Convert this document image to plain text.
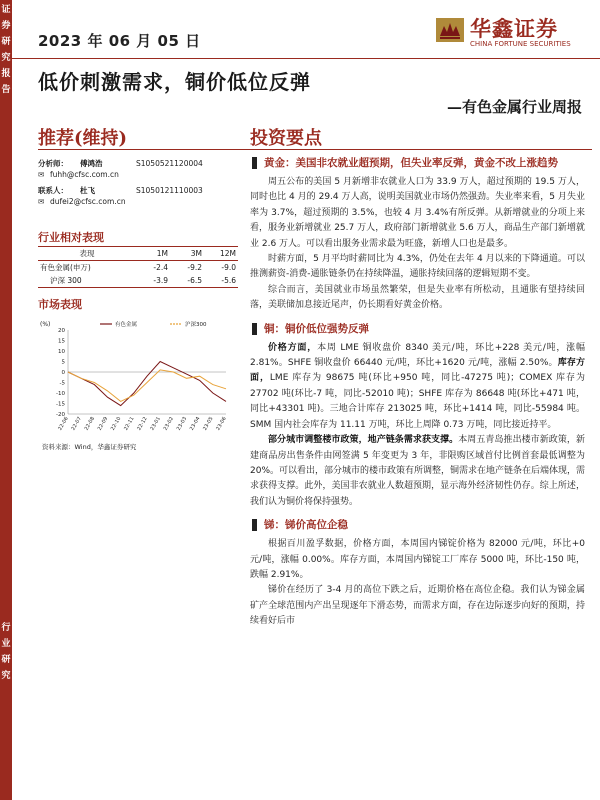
证
券
研
究
报
告
行
业
研
究
2023 年 06 月 05 日	华鑫证券
CHINA FORTUNE SECURITIES
低价刺激需求，铜价低位反弹
—有色金属行业周报
推荐(维持)	投资要点
分析师：	傅鸿浩	S1050521120004
✉ fuhh@cfsc.com.cn
联系人：	杜飞	S1050121110003
✉ dufei2@cfsc.com.cn
行业相对表现
表现	1M	3M	12M
有色金属(申万)	-2.4	-9.2	-9.0
沪深 300	-3.9	-6.5	-5.6
市场表现
(%)
20
15
10
5
0
-5
-10
-15
-20
22-06 22-07 22-08 22-09 22-10 22-11 22-12 23-01 23-02 23-03 23-04 23-05 23-06
有色金属	沪深300
资料来源：Wind，华鑫证券研究
黄金：美国非农就业超预期，但失业率反弹，黄金不改上涨趋势

周五公布的美国 5 月新增非农就业人口为 33.9 万人，超过预期的 19.5 万人，同时也比 4 月的 29.4 万人高，说明美国就业市场仍然强劲。失业率来看，5 月失业率为 3.7%，超过预期的 3.5%，也较 4 月 3.4%有所反弹。从新增就业的分项上来看，服务业新增就业 25.7 万人，政府部门新增就业 5.6 万人，商品生产部门新增就业 2.6 万人。可以看出服务业需求最为旺盛，新增人口也是最多。

时薪方面，5 月平均时薪同比为 4.3%，仍处在去年 4 月以来的下降通道。可以推测薪资-消费-通胀链条仍在持续降温，通胀持续回落的逻辑短期不变。

综合而言，美国就业市场虽然繁荣，但是失业率有所松动，且通胀有望持续回落，美联储加息接近尾声，仍长期看好黄金价格。

铜：铜价低位强势反弹

价格方面，本周 LME 铜收盘价 8340 美元/吨，环比+228 美元/吨，涨幅 2.81%。SHFE 铜收盘价 66440 元/吨，环比+1620 元/吨，涨幅 2.50%。库存方面，LME 库存为 98675 吨(环比+950 吨，同比-47275 吨)；COMEX 库存为 27702 吨(环比-7 吨，同比-52010 吨)；SHFE 库存为 86648 吨(环比+471 吨，同比+43301 吨)。三地合计库存 213025 吨，环比+1414 吨，同比-55984 吨。SMM 国内社会库存为 11.11 万吨，环比上周降 0.73 万吨，同比接近持平。

部分城市调整楼市政策，地产链条需求获支撑。本周五青岛推出楼市新政策，新建商品房出售条件由网签满 5 年变更为 3 年，非限购区域首付比例首套最低调整为 20%。可以看出，部分城市的楼市政策有所调整，铜需求在地产链条在后端体现，需求获得支撑。此外，美国非农就业人数超预期，显示海外经济韧性仍存。综上所述，我们认为铜价将保持强势。

锑：锑价高位企稳

根据百川盈孚数据，价格方面，本周国内锑锭价格为 82000 元/吨，环比+0 元/吨，涨幅 0.00%。库存方面，本周国内锑锭工厂库存 5000 吨，环比-150 吨，跌幅 2.91%。

锑价在经历了 3-4 月的高位下跌之后，近期价格在高位企稳。我们认为锑金属矿产全球范围内产出呈现逐年下滑态势，而需求方面，存在边际逐步向好的预期，持续看好后市
